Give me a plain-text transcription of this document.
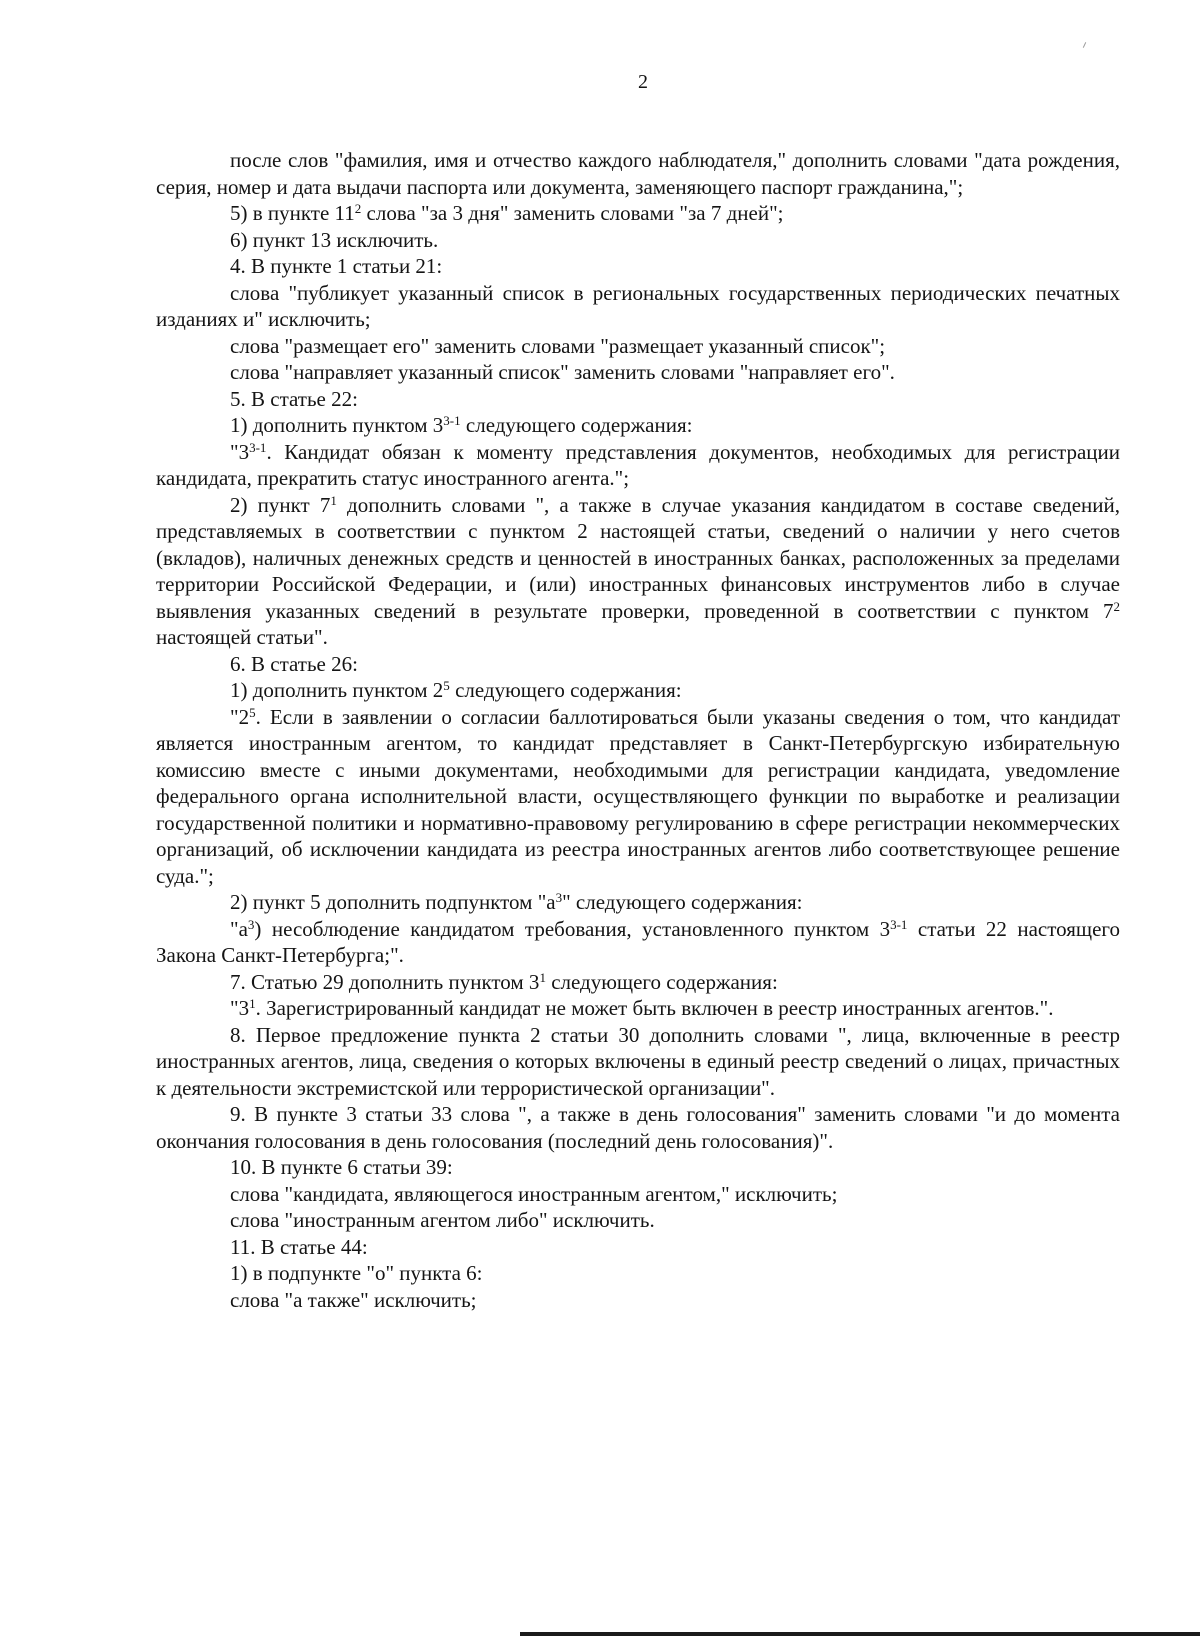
2

после слов "фамилия, имя и отчество каждого наблюдателя," дополнить словами "дата рождения, серия, номер и дата выдачи паспорта или документа, заменяющего паспорт гражданина,";

5) в пункте $11^2$ слова "за 3 дня" заменить словами "за 7 дней";

6) пункт 13 исключить.

4. В пункте 1 статьи 21:

слова "публикует указанный список в региональных государственных периодических печатных изданиях и" исключить;

слова "размещает его" заменить словами "размещает указанный список";

слова "направляет указанный список" заменить словами "направляет его".

5. В статье 22:

1) дополнить пунктом 3$^{3-1}$ следующего содержания:

"3$^{3-1}$. Кандидат обязан к моменту представления документов, необходимых для регистрации кандидата, прекратить статус иностранного агента.";

2) пункт $7^1$ дополнить словами ", а также в случае указания кандидатом в составе сведений, представляемых в соответствии с пунктом 2 настоящей статьи, сведений о наличии у него счетов (вкладов), наличных денежных средств и ценностей в иностранных банках, расположенных за пределами территории Российской Федерации, и (или) иностранных финансовых инструментов либо в случае выявления указанных сведений в результате проверки, проведенной в соответствии с пунктом $7^2$ настоящей статьи".

6. В статье 26:

1) дополнить пунктом $2^5$ следующего содержания:

"$2^5$. Если в заявлении о согласии баллотироваться были указаны сведения о том, что кандидат является иностранным агентом, то кандидат представляет в Санкт-Петербургскую избирательную комиссию вместе с иными документами, необходимыми для регистрации кандидата, уведомление федерального органа исполнительной власти, осуществляющего функции по выработке и реализации государственной политики и нормативно-правовому регулированию в сфере регистрации некоммерческих организаций, об исключении кандидата из реестра иностранных агентов либо соответствующее решение суда.";

2) пункт 5 дополнить подпунктом "$а^3$" следующего содержания:

"$а^3$) несоблюдение кандидатом требования, установленного пунктом 3$^{3-1}$ статьи 22 настоящего Закона Санкт-Петербурга;".

7. Статью 29 дополнить пунктом $3^1$ следующего содержания:

"$3^1$. Зарегистрированный кандидат не может быть включен в реестр иностранных агентов.".

8. Первое предложение пункта 2 статьи 30 дополнить словами ", лица, включенные в реестр иностранных агентов, лица, сведения о которых включены в единый реестр сведений о лицах, причастных к деятельности экстремистской или террористической организации".

9. В пункте 3 статьи 33 слова ", а также в день голосования" заменить словами "и до момента окончания голосования в день голосования (последний день голосования)".

10. В пункте 6 статьи 39:

слова "кандидата, являющегося иностранным агентом," исключить;

слова "иностранным агентом либо" исключить.

11. В статье 44:

1) в подпункте "о" пункта 6:

слова "а также" исключить;
